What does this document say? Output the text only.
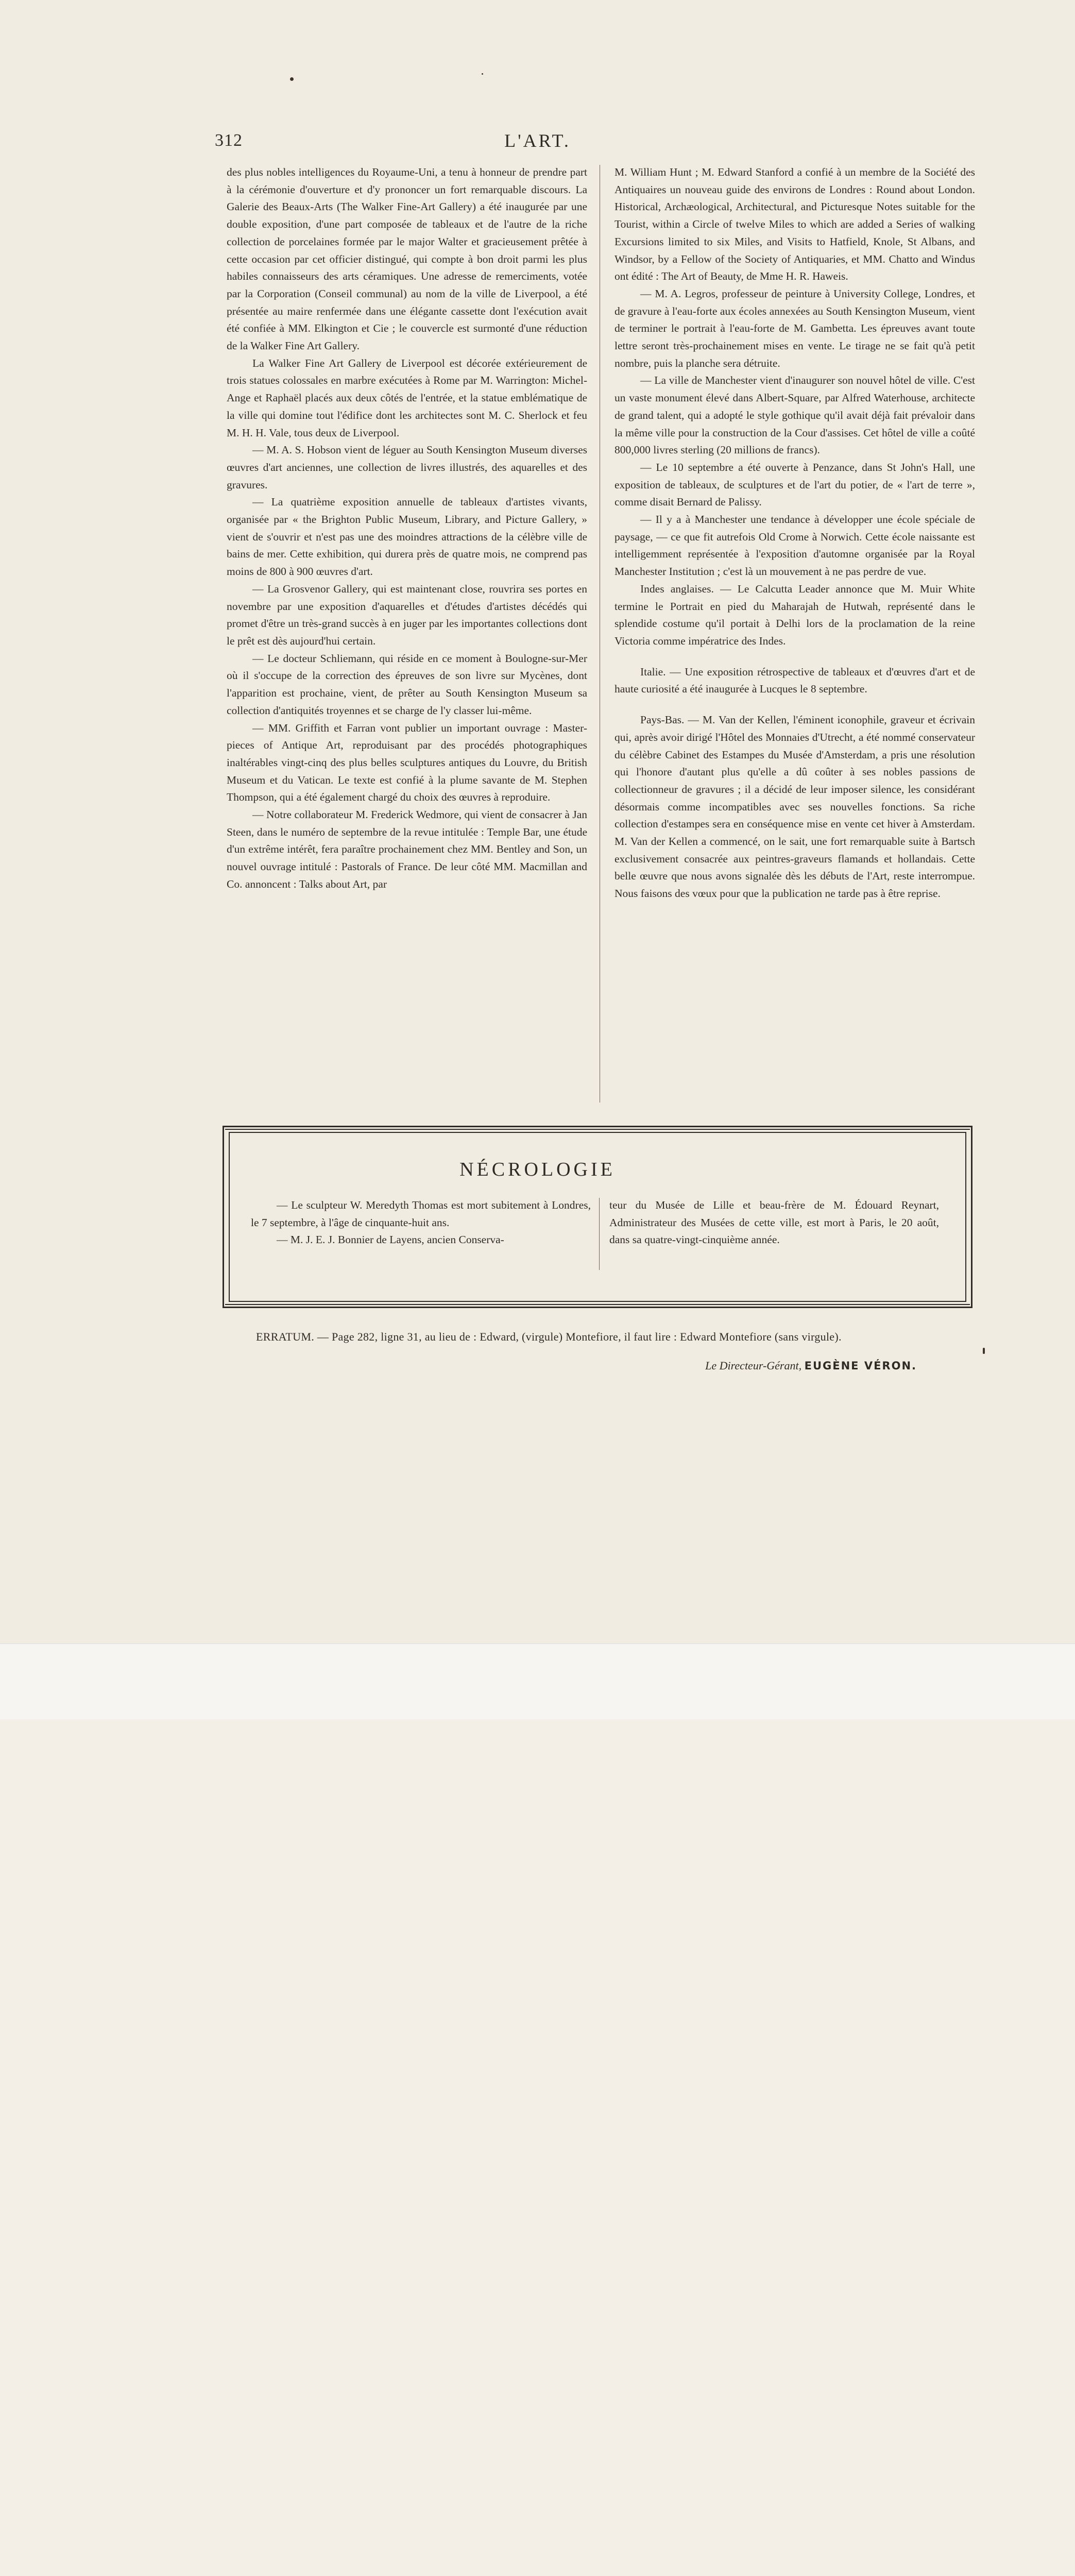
312	L'ART.

des plus nobles intelligences du Royaume-Uni, a tenu à honneur de prendre part à la cérémonie d'ouverture et d'y prononcer un fort remarquable discours. La Galerie des Beaux-Arts (The Walker Fine-Art Gallery) a été inaugurée par une double exposition, d'une part composée de tableaux et de l'autre de la riche collection de porcelaines formée par le major Walter et gracieusement prêtée à cette occasion par cet officier distingué, qui compte à bon droit parmi les plus habiles connaisseurs des arts céramiques. Une adresse de remerciments, votée par la Corporation (Conseil communal) au nom de la ville de Liverpool, a été présentée au maire renfermée dans une élégante cassette dont l'exécution avait été confiée à MM. Elkington et Cie ; le couvercle est surmonté d'une réduction de la Walker Fine Art Gallery.

La Walker Fine Art Gallery de Liverpool est décorée extérieurement de trois statues colossales en marbre exécutées à Rome par M. Warrington: Michel-Ange et Raphaël placés aux deux côtés de l'entrée, et la statue emblématique de la ville qui domine tout l'édifice dont les architectes sont M. C. Sherlock et feu M. H. H. Vale, tous deux de Liverpool.

— M. A. S. Hobson vient de léguer au South Kensington Museum diverses œuvres d'art anciennes, une collection de livres illustrés, des aquarelles et des gravures.

— La quatrième exposition annuelle de tableaux d'artistes vivants, organisée par « the Brighton Public Museum, Library, and Picture Gallery, » vient de s'ouvrir et n'est pas une des moindres attractions de la célèbre ville de bains de mer. Cette exhibition, qui durera près de quatre mois, ne comprend pas moins de 800 à 900 œuvres d'art.

— La Grosvenor Gallery, qui est maintenant close, rouvrira ses portes en novembre par une exposition d'aquarelles et d'études d'artistes décédés qui promet d'être un très-grand succès à en juger par les importantes collections dont le prêt est dès aujourd'hui certain.

— Le docteur Schliemann, qui réside en ce moment à Boulogne-sur-Mer où il s'occupe de la correction des épreuves de son livre sur Mycènes, dont l'apparition est prochaine, vient, de prêter au South Kensington Museum sa collection d'antiquités troyennes et se charge de l'y classer lui-même.

— MM. Griffith et Farran vont publier un important ouvrage : Master-pieces of Antique Art, reproduisant par des procédés photographiques inaltérables vingt-cinq des plus belles sculptures antiques du Louvre, du British Museum et du Vatican. Le texte est confié à la plume savante de M. Stephen Thompson, qui a été également chargé du choix des œuvres à reproduire.

— Notre collaborateur M. Frederick Wedmore, qui vient de consacrer à Jan Steen, dans le numéro de septembre de la revue intitulée : Temple Bar, une étude d'un extrême intérêt, fera paraître prochainement chez MM. Bentley and Son, un nouvel ouvrage intitulé : Pastorals of France. De leur côté MM. Macmillan and Co. annoncent : Talks about Art, par

M. William Hunt ; M. Edward Stanford a confié à un membre de la Société des Antiquaires un nouveau guide des environs de Londres : Round about London. Historical, Archæological, Architectural, and Picturesque Notes suitable for the Tourist, within a Circle of twelve Miles to which are added a Series of walking Excursions limited to six Miles, and Visits to Hatfield, Knole, St Albans, and Windsor, by a Fellow of the Society of Antiquaries, et MM. Chatto and Windus ont édité : The Art of Beauty, de Mme H. R. Haweis.

— M. A. Legros, professeur de peinture à University College, Londres, et de gravure à l'eau-forte aux écoles annexées au South Kensington Museum, vient de terminer le portrait à l'eau-forte de M. Gambetta. Les épreuves avant toute lettre seront très-prochainement mises en vente. Le tirage ne se fait qu'à petit nombre, puis la planche sera détruite.

— La ville de Manchester vient d'inaugurer son nouvel hôtel de ville. C'est un vaste monument élevé dans Albert-Square, par Alfred Waterhouse, architecte de grand talent, qui a adopté le style gothique qu'il avait déjà fait prévaloir dans la même ville pour la construction de la Cour d'assises. Cet hôtel de ville a coûté 800,000 livres sterling (20 millions de francs).

— Le 10 septembre a été ouverte à Penzance, dans St John's Hall, une exposition de tableaux, de sculptures et de l'art du potier, de « l'art de terre », comme disait Bernard de Palissy.

— Il y a à Manchester une tendance à développer une école spéciale de paysage, — ce que fit autrefois Old Crome à Norwich. Cette école naissante est intelligemment représentée à l'exposition d'automne organisée par la Royal Manchester Institution ; c'est là un mouvement à ne pas perdre de vue.

Indes anglaises. — Le Calcutta Leader annonce que M. Muir White termine le Portrait en pied du Maharajah de Hutwah, représenté dans le splendide costume qu'il portait à Delhi lors de la proclamation de la reine Victoria comme impératrice des Indes.

Italie. — Une exposition rétrospective de tableaux et d'œuvres d'art et de haute curiosité a été inaugurée à Lucques le 8 septembre.

Pays-Bas. — M. Van der Kellen, l'éminent iconophile, graveur et écrivain qui, après avoir dirigé l'Hôtel des Monnaies d'Utrecht, a été nommé conservateur du célèbre Cabinet des Estampes du Musée d'Amsterdam, a pris une résolution qui l'honore d'autant plus qu'elle a dû coûter à ses nobles passions de collectionneur de gravures ; il a décidé de leur imposer silence, les considérant désormais comme incompatibles avec ses nouvelles fonctions. Sa riche collection d'estampes sera en conséquence mise en vente cet hiver à Amsterdam. M. Van der Kellen a commencé, on le sait, une fort remarquable suite à Bartsch exclusivement consacrée aux peintres-graveurs flamands et hollandais. Cette belle œuvre que nous avons signalée dès les débuts de l'Art, reste interrompue. Nous faisons des vœux pour que la publication ne tarde pas à être reprise.

NÉCROLOGIE

— Le sculpteur W. Meredyth Thomas est mort subitement à Londres, le 7 septembre, à l'âge de cinquante-huit ans.

— M. J. E. J. Bonnier de Layens, ancien Conserva-

teur du Musée de Lille et beau-frère de M. Édouard Reynart, Administrateur des Musées de cette ville, est mort à Paris, le 20 août, dans sa quatre-vingt-cinquième année.

ERRATUM. — Page 282, ligne 31, au lieu de : Edward, (virgule) Montefiore, il faut lire : Edward Montefiore (sans virgule).
Le Directeur-Gérant, EUGÈNE VÉRON.
